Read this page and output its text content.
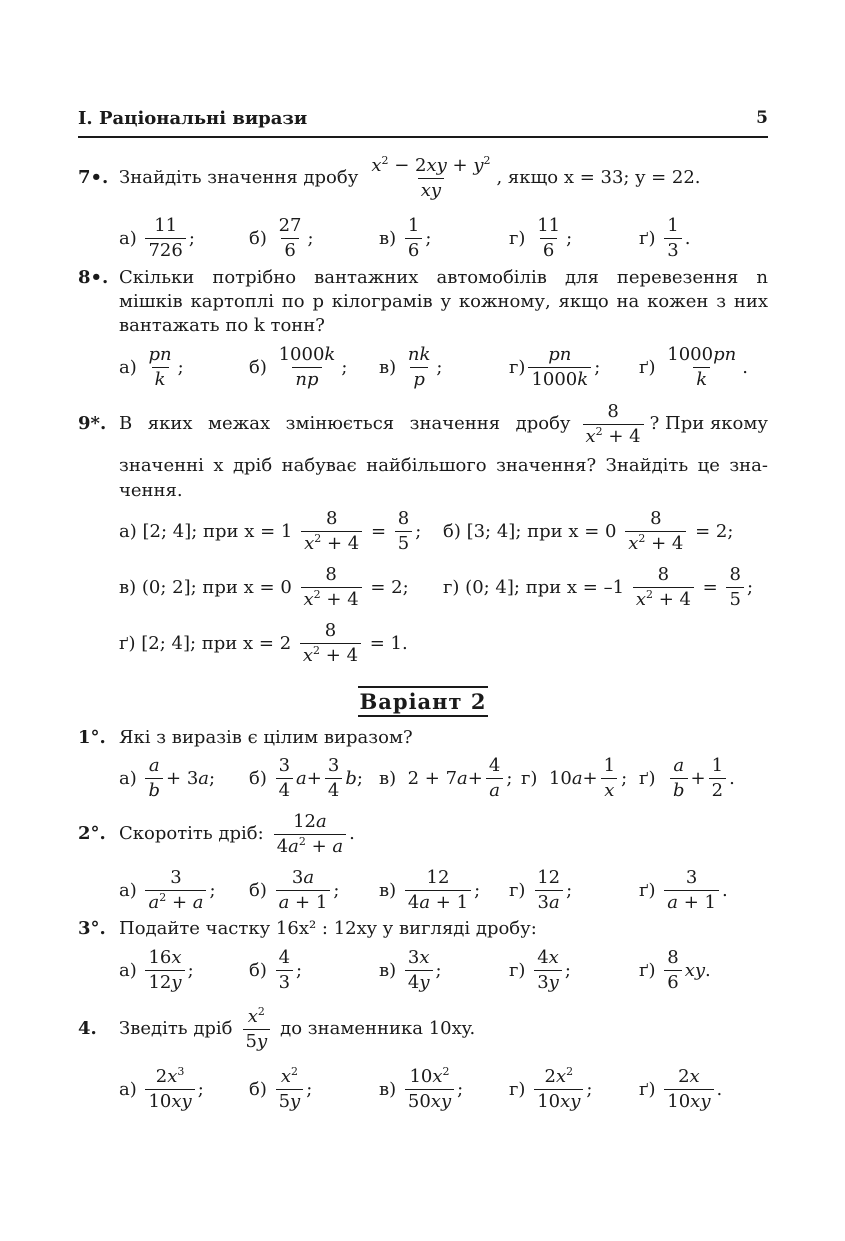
I. Раціональні вирази	5
7•. Знайдіть значення дробу $\frac{x^2 - 2xy + y^2}{xy}$ , якщо x = 33; y = 22.
$а) \frac{11}{726}$ ;	$б) \frac{27}{6}$ ;	$в) \frac{1}{6}$ ;	$г) \frac{11}{6}$ ;	$ґ) \frac{1}{3}$ .
8•. Скільки потрібно вантажних автомобілів для перевезення n
мішків картоплі по p кілограмів у кожному, якщо на кожен з них
вантажать по k тонн?
$а) \frac{pn}{k}$ ;	$б) \frac{1000k}{np}$ ; $в) \frac{nk}{p}$ ;	$г) \frac{pn}{1000k}$ ; $ґ) \frac{1000pn}{k}$ .
9*. В яких межах змінюється значення дробу $\frac{8}{x^2 + 4}$ ? При якому
значенні x дріб набуває найбільшого значення? Знайдіть це зна-
чення.
а) [2; 4]; при x = 1
$\frac{8}{x^2 + 4} = \frac{8}{5}$ ; б) [3; 4]; при x = 0
$\frac{8}{x^2 + 4} = 2$;
в) (0; 2]; при x = 0
$\frac{8}{x^2 + 4} = 2$; г) (0; 4]; при x = –1
$\frac{8}{x^2 + 4} = \frac{8}{5}$ ;
ґ) [2; 4]; при x = 2
$\frac{8}{x^2 + 4} = 1$.
Варіант 2
1°. Які з виразів є цілим виразом?
$а) \frac{a}{b} + 3$ a ; $б) \frac{3}{4}$ $a + \frac{3}{4}$ b ; в)  2 + 7 $a + \frac{4}{a}$ ; г)  10 $a + \frac{1}{x}$ ; $ґ) \frac{a}{b} + \frac{1}{2}$ .
2°. Скоротіть дріб: $\frac{12a}{4a^2 + a}$ .
$а) \frac{3}{a^2 + a}$ ; $б) \frac{3a}{a + 1}$ ; $в) \frac{12}{4a + 1}$ ; $г) \frac{12}{3a}$ ;	$ґ) \frac{3}{a + 1}$ .
3°. Подайте частку 16x² : 12xy у вигляді дробу:
$а) \frac{16x}{12y}$ ;	$б) \frac{4}{3}$ ;	$в) \frac{3x}{4y}$ ;	$г) \frac{4x}{3y}$ ;	$ґ) \frac{8}{6}$ xy .
4. Зведіть дріб $\frac{x^2}{5y}$ до знаменника 10xy.
$а) \frac{2x^3}{10xy}$ ;	$б) \frac{x^2}{5y}$ ;	$в) \frac{10x^2}{50xy}$ ;	$г) \frac{2x^2}{10xy}$ ;	$ґ) \frac{2x}{10xy}$ .
